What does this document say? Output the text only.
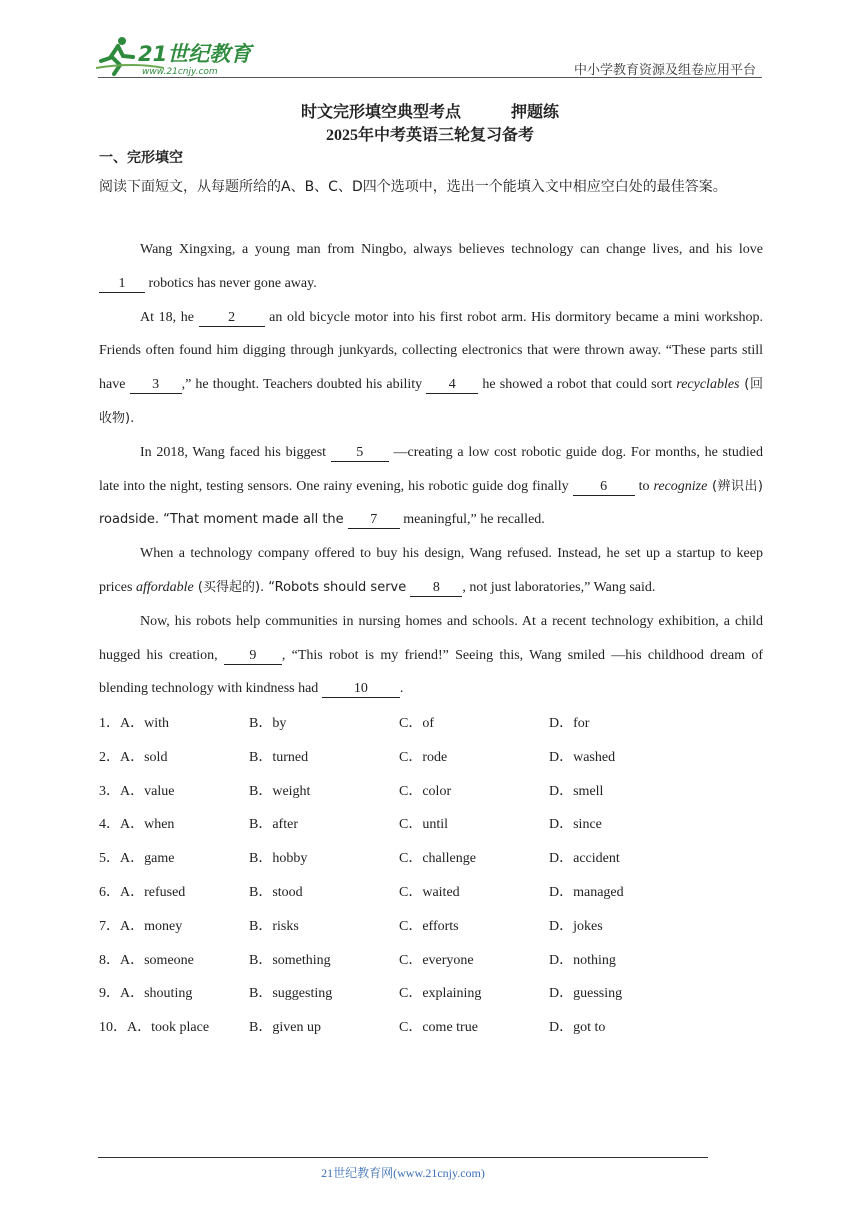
21世纪教育
www.21cnjy.com	中小学教育资源及组卷应用平台
时文完形填空典型考点	押题练
2025年中考英语三轮复习备考
一、完形填空
阅读下面短文，从每题所给的A、B、C、D四个选项中，选出一个能填入文中相应空白处的最佳答案。

Wang Xingxing, a young man from Ningbo, always believes technology can change lives, and his love 1 robotics has never gone away.

At 18, he 2 an old bicycle motor into his first robot arm. His dormitory became a mini workshop. Friends often found him digging through junkyards, collecting electronics that were thrown away. “These parts still have 3 ,” he thought. Teachers doubted his ability 4 he showed a robot that could sort recyclables (回收物).

In 2018, Wang faced his biggest 5 —creating a low cost robotic guide dog. For months, he studied late into the night, testing sensors. One rainy evening, his robotic guide dog finally 6 to recognize (辨识出) roadside. “That moment made all the 7 meaningful,” he recalled.

When a technology company offered to buy his design, Wang refused. Instead, he set up a startup to keep prices affordable (买得起的). “Robots should serve 8 , not just laboratories,” Wang said.

Now, his robots help communities in nursing homes and schools. At a recent technology exhibition, a child hugged his creation, 9 , “This robot is my friend!” Seeing this, Wang smiled —his childhood dream of blending technology with kindness had 10 .

1．A．with	B．by	C．of	D．for
2．A．sold	B．turned	C．rode	D．washed
3．A．value	B．weight	C．color	D．smell
4．A．when	B．after	C．until	D．since
5．A．game	B．hobby	C．challenge	D．accident
6．A．refused	B．stood	C．waited	D．managed
7．A．money	B．risks	C．efforts	D．jokes
8．A．someone	B．something	C．everyone	D．nothing
9．A．shouting	B．suggesting	C．explaining	D．guessing
10．A．took place	B．given up	C．come true	D．got to
21世纪教育网(www.21cnjy.com)
